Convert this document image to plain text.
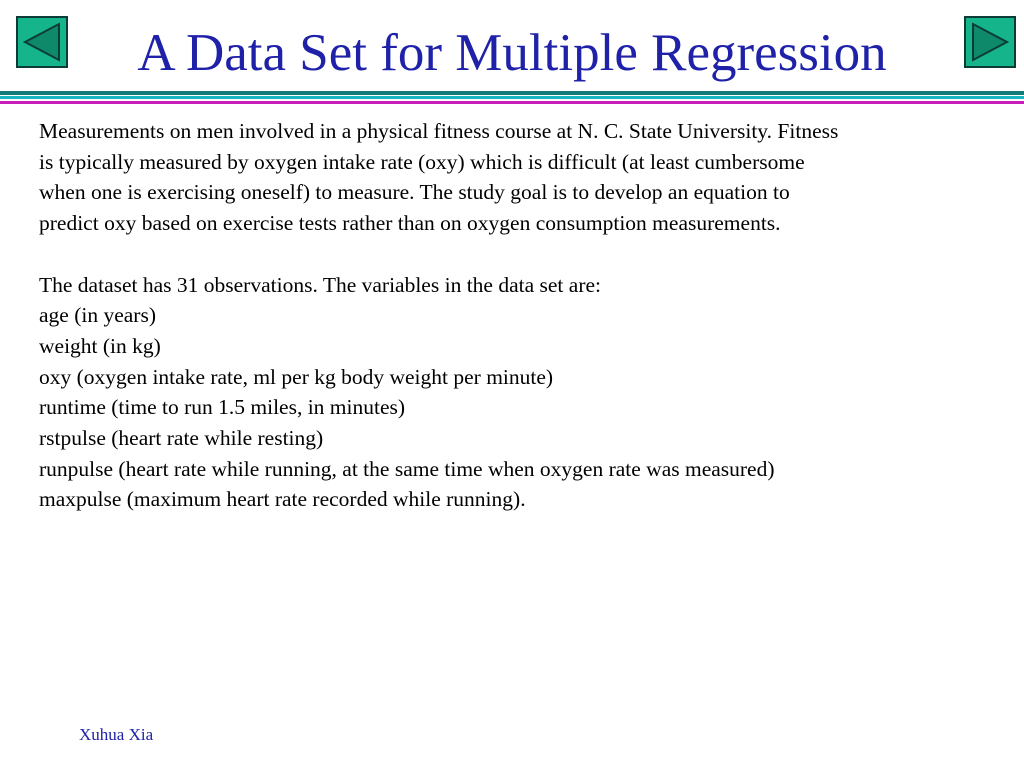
A Data Set for Multiple Regression

Measurements on men involved in a physical fitness course at N. C. State University. Fitness

is typically measured by oxygen intake rate (oxy) which is difficult (at least cumbersome

when one is exercising oneself) to measure. The study goal is to develop an equation to

predict oxy based on exercise tests rather than on oxygen consumption measurements.

The dataset has 31 observations. The variables in the data set are:

age (in years)

weight (in kg)

oxy (oxygen intake rate, ml per kg body weight per minute)

runtime (time to run 1.5 miles, in minutes)

rstpulse (heart rate while resting)

runpulse (heart rate while running, at the same time when oxygen rate was measured)

maxpulse (maximum heart rate recorded while running).

Xuhua Xia
